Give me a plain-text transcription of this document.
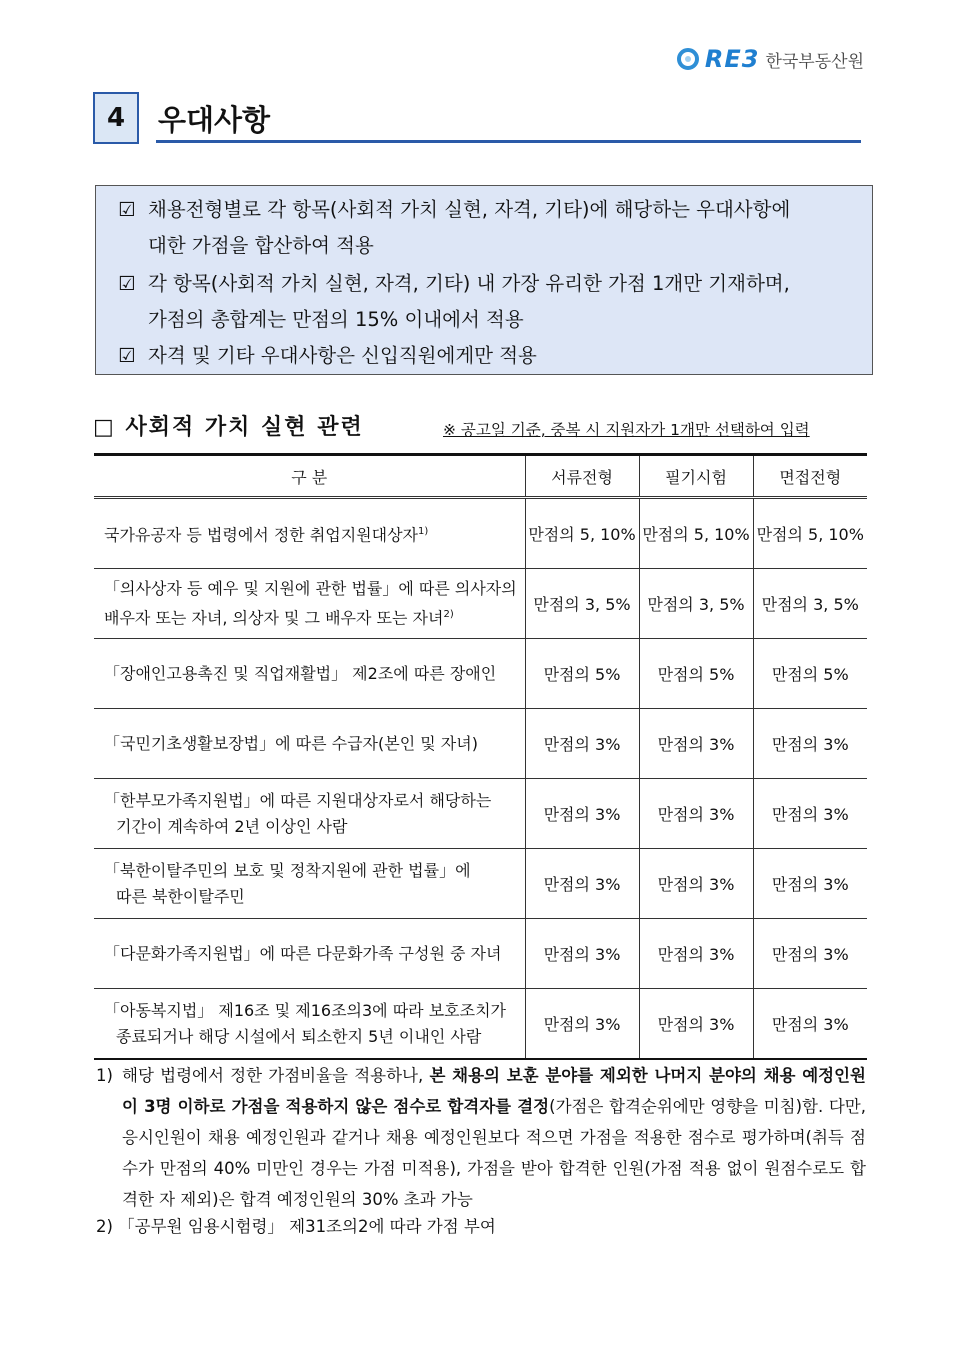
RE3 한국부동산원
4	우대사항
☑ 채용전형별로 각 항목(사회적 가치 실현, 자격, 기타)에 해당하는 우대사항에
대한 가점을 합산하여 적용
☑ 각 항목(사회적 가치 실현, 자격, 기타) 내 가장 유리한 가점 1개만 기재하며,
가점의 총합계는 만점의 15% 이내에서 적용
☑ 자격 및 기타 우대사항은 신입직원에게만 적용
□ 사회적 가치 실현 관련	※ 공고일 기준, 중복 시 지원자가 1개만 선택하여 입력
구 분	서류전형	필기시험	면접전형
국가유공자 등 법령에서 정한 취업지원대상자$^{1)}$	만점의 5, 10%	만점의 5, 10%	만점의 5, 10%

「의사상자 등 예우 및 지원에 관한 법률」에 따른 의사자의
배우자 또는 자녀, 의상자 및 그 배우자 또는 자녀$^{2)}$	만점의 3, 5%	만점의 3, 5%	만점의 3, 5%
「장애인고용촉진 및 직업재활법」 제2조에 따른 장애인	만점의 5%	만점의 5%	만점의 5%
「국민기초생활보장법」에 따른 수급자(본인 및 자녀)	만점의 3%	만점의 3%	만점의 3%

「한부모가족지원법」에 따른 지원대상자로서 해당하는
기간이 계속하여 2년 이상인 사람	만점의 3%	만점의 3%	만점의 3%

「북한이탈주민의 보호 및 정착지원에 관한 법률」에
따른 북한이탈주민	만점의 3%	만점의 3%	만점의 3%
「다문화가족지원법」에 따른 다문화가족 구성원 중 자녀	만점의 3%	만점의 3%	만점의 3%

「아동복지법」 제16조 및 제16조의3에 따라 보호조치가
종료되거나 해당 시설에서 퇴소한지 5년 이내인 사람	만점의 3%	만점의 3%	만점의 3%
1) 해당 법령에서 정한 가점비율을 적용하나, 본 채용의 보훈 분야를 제외한 나머지 분야의 채용 예정인원이 3명 이하로 가점을 적용하지 않은 점수로 합격자를 결정(가점은 합격순위에만 영향을 미침)함. 다만, 응시인원이 채용 예정인원과 같거나 채용 예정인원보다 적으면 가점을 적용한 점수로 평가하며(취득 점수가 만점의 40% 미만인 경우는 가점 미적용), 가점을 받아 합격한 인원(가점 적용 없이 원점수로도 합격한 자 제외)은 합격 예정인원의 30% 초과 가능
2) 「공무원 임용시험령」 제31조의2에 따라 가점 부여
